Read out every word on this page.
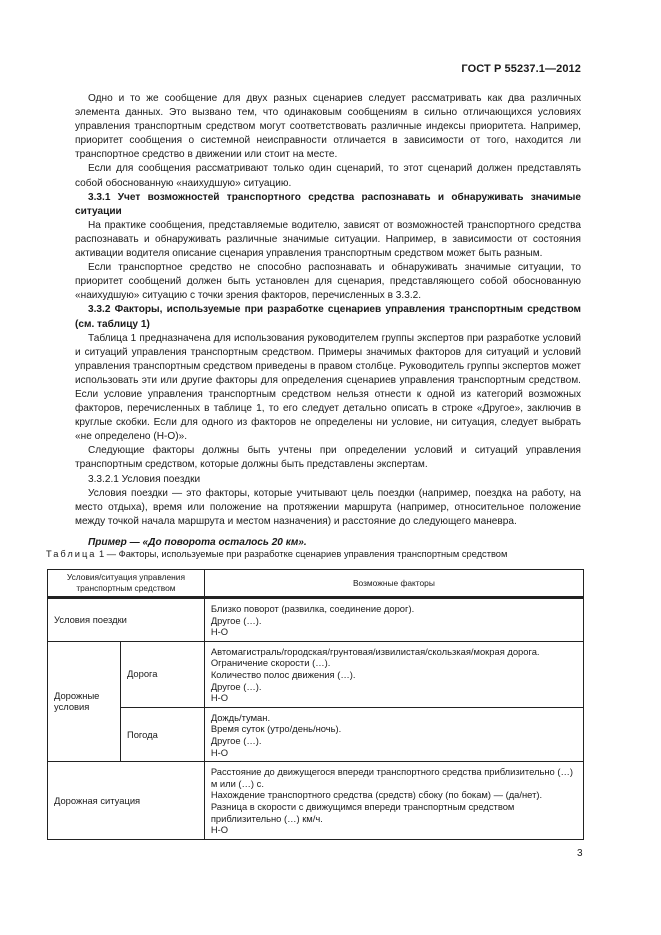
ГОСТ Р 55237.1—2012

Одно и то же сообщение для двух разных сценариев следует рассматривать как два различных элемента данных. Это вызвано тем, что одинаковым сообщениям в сильно отличающихся условиях управления транспортным средством могут соответствовать различные индексы приоритета. Например, приоритет сообщения о системной неисправности отличается в зависимости от того, находится ли транспортное средство в движении или стоит на месте.

Если для сообщения рассматривают только один сценарий, то этот сценарий должен представлять собой обоснованную «наихудшую» ситуацию.

3.3.1 Учет возможностей транспортного средства распознавать и обнаруживать значимые ситуации

На практике сообщения, представляемые водителю, зависят от возможностей транспортного средства распознавать и обнаруживать различные значимые ситуации. Например, в зависимости от состояния активации водителя описание сценария управления транспортным средством может быть разным.

Если транспортное средство не способно распознавать и обнаруживать значимые ситуации, то приоритет сообщений должен быть установлен для сценария, представляющего собой обоснованную «наихудшую» ситуацию с точки зрения факторов, перечисленных в 3.3.2.

3.3.2 Факторы, используемые при разработке сценариев управления транспортным средством (см. таблицу 1)

Таблица 1 предназначена для использования руководителем группы экспертов при разработке условий и ситуаций управления транспортным средством. Примеры значимых факторов для ситуаций и условий управления транспортным средством приведены в правом столбце. Руководитель группы экспертов может использовать эти или другие факторы для определения сценариев управления транспортным средством. Если условие управления транспортным средством нельзя отнести к одной из категорий возможных факторов, перечисленных в таблице 1, то его следует детально описать в строке «Другое», заключив в круглые скобки. Если для одного из факторов не определены ни условие, ни ситуация, следует выбрать «не определено (Н-О)».

Следующие факторы должны быть учтены при определении условий и ситуаций управления транспортным средством, которые должны быть представлены экспертам.

3.3.2.1 Условия поездки

Условия поездки — это факторы, которые учитывают цель поездки (например, поездка на работу, на место отдыха), время или положение на протяжении маршрута (например, относительное положение между точкой начала маршрута и местом назначения) и расстояние до следующего маневра.

Пример — «До поворота осталось 20 км».

Таблица 1 — Факторы, используемые при разработке сценариев управления транспортным средством
Условия/ситуация управления транспортным средством		Возможные факторы
Условия поездки		Близко поворот (развилка, соединение дорог).
Другое (…).
Н-О

Дорожные условия	Дорога	Автомагистраль/городская/грунтовая/извилистая/скользкая/мокрая дорога.
Ограничение скорости (…).
Количество полос движения (…).
Другое (…).
Н-О

	Погода	Дождь/туман.
Время суток (утро/день/ночь).
Другое (…).
Н-О

Дорожная ситуация		Расстояние до движущегося впереди транспортного средства приблизительно (…) м или (…) с.
Нахождение транспортного средства (средств) сбоку (по бокам) — (да/нет).
Разница в скорости с движущимся впереди транспортным средством приблизительно (…) км/ч.
Н-О
3
